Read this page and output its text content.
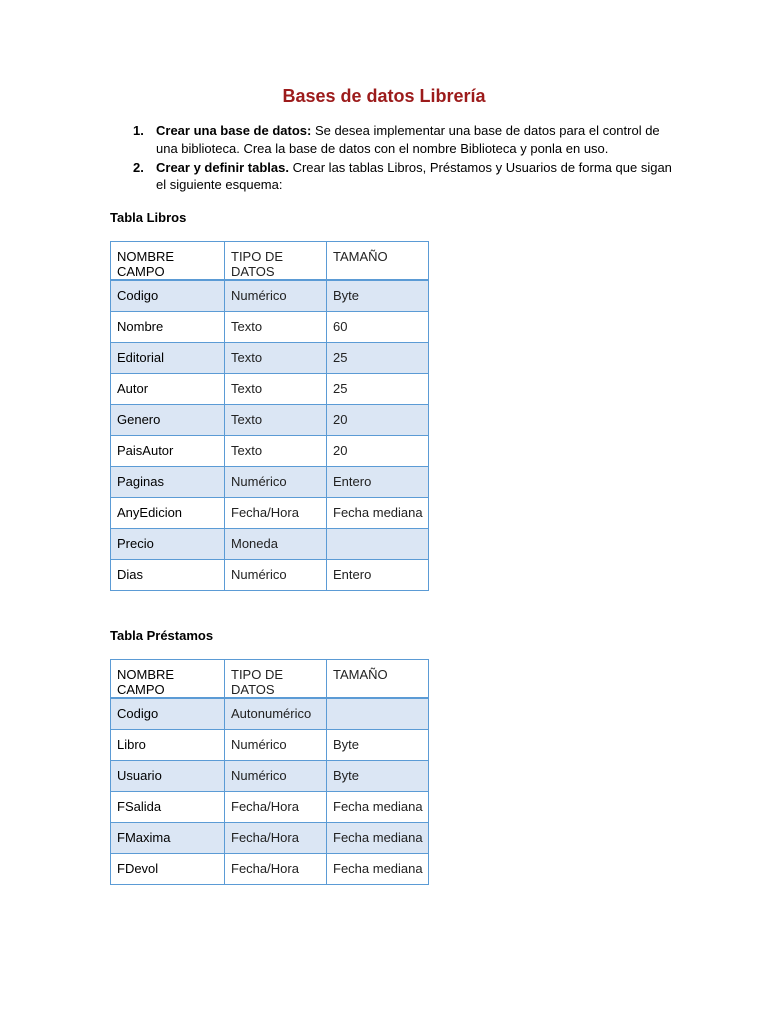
Bases de datos Librería
1. Crear una base de datos: Se desea implementar una base de datos para el control de una biblioteca. Crea la base de datos con el nombre Biblioteca y ponla en uso.
2. Crear y definir tablas. Crear las tablas Libros, Préstamos y Usuarios de forma que sigan el siguiente esquema:
Tabla Libros
NOMBRE CAMPO	TIPO DE DATOS	TAMAÑO
Codigo	Numérico	Byte
Nombre	Texto	60
Editorial	Texto	25
Autor	Texto	25
Genero	Texto	20
PaisAutor	Texto	20
Paginas	Numérico	Entero
AnyEdicion	Fecha/Hora	Fecha mediana
Precio	Moneda	
Dias	Numérico	Entero
Tabla Préstamos
NOMBRE CAMPO	TIPO DE DATOS	TAMAÑO
Codigo	Autonumérico	
Libro	Numérico	Byte
Usuario	Numérico	Byte
FSalida	Fecha/Hora	Fecha mediana
FMaxima	Fecha/Hora	Fecha mediana
FDevol	Fecha/Hora	Fecha mediana
